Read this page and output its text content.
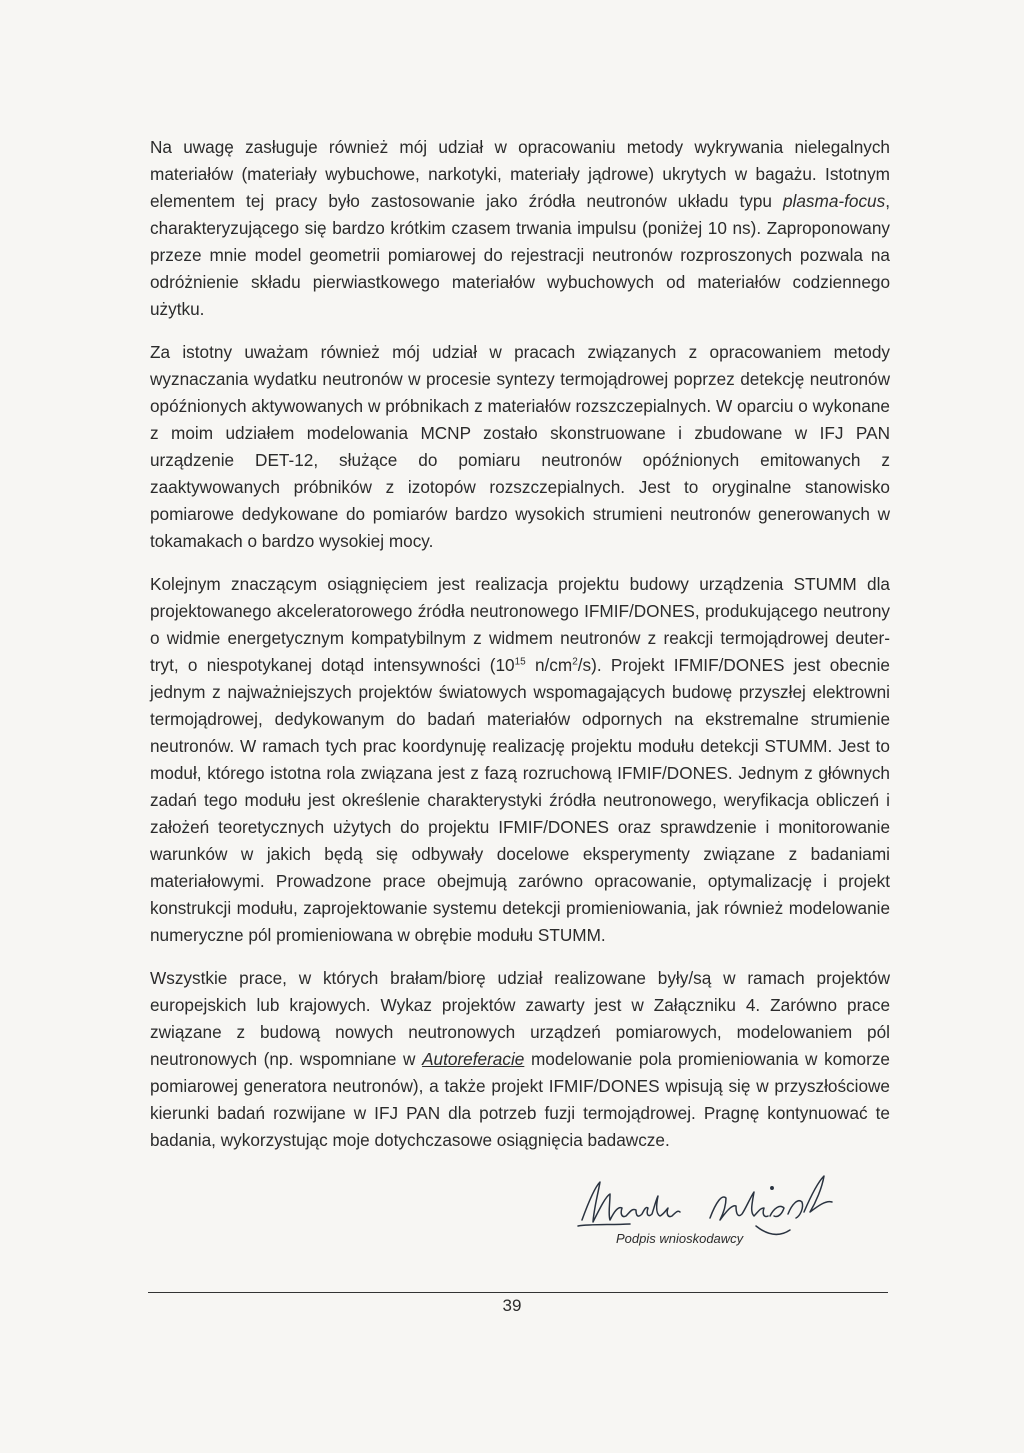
Na uwagę zasługuje również mój udział w opracowaniu metody wykrywania nielegalnych materiałów (materiały wybuchowe, narkotyki, materiały jądrowe) ukrytych w bagażu. Istotnym elementem tej pracy było zastosowanie jako źródła neutronów układu typu plasma-focus, charakteryzującego się bardzo krótkim czasem trwania impulsu (poniżej 10 ns). Zaproponowany przeze mnie model geometrii pomiarowej do rejestracji neutronów rozproszonych pozwala na odróżnienie składu pierwiastkowego materiałów wybuchowych od materiałów codziennego użytku.

Za istotny uważam również mój udział w pracach związanych z opracowaniem metody wyznaczania wydatku neutronów w procesie syntezy termojądrowej poprzez detekcję neutronów opóźnionych aktywowanych w próbnikach z materiałów rozszczepialnych. W oparciu o wykonane z moim udziałem modelowania MCNP zostało skonstruowane i zbudowane w IFJ PAN urządzenie DET-12, służące do pomiaru neutronów opóźnionych emitowanych z zaaktywowanych próbników z izotopów rozszczepialnych. Jest to oryginalne stanowisko pomiarowe dedykowane do pomiarów bardzo wysokich strumieni neutronów generowanych w tokamakach o bardzo wysokiej mocy.

Kolejnym znaczącym osiągnięciem jest realizacja projektu budowy urządzenia STUMM dla projektowanego akceleratorowego źródła neutronowego IFMIF/DONES, produkującego neutrony o widmie energetycznym kompatybilnym z widmem neutronów z reakcji termojądrowej deuter-tryt, o niespotykanej dotąd intensywności ($10^{15}$ $n/cm^2/s$). Projekt IFMIF/DONES jest obecnie jednym z najważniejszych projektów światowych wspomagających budowę przyszłej elektrowni termojądrowej, dedykowanym do badań materiałów odpornych na ekstremalne strumienie neutronów. W ramach tych prac koordynuję realizację projektu modułu detekcji STUMM. Jest to moduł, którego istotna rola związana jest z fazą rozruchową IFMIF/DONES. Jednym z głównych zadań tego modułu jest określenie charakterystyki źródła neutronowego, weryfikacja obliczeń i założeń teoretycznych użytych do projektu IFMIF/DONES oraz sprawdzenie i monitorowanie warunków w jakich będą się odbywały docelowe eksperymenty związane z badaniami materiałowymi. Prowadzone prace obejmują zarówno opracowanie, optymalizację i projekt konstrukcji modułu, zaprojektowanie systemu detekcji promieniowania, jak również modelowanie numeryczne pól promieniowana w obrębie modułu STUMM.

Wszystkie prace, w których brałam/biorę udział realizowane były/są w ramach projektów europejskich lub krajowych. Wykaz projektów zawarty jest w Załączniku 4. Zarówno prace związane z budową nowych neutronowych urządzeń pomiarowych, modelowaniem pól neutronowych (np. wspomniane w Autoreferacie modelowanie pola promieniowania w komorze pomiarowej generatora neutronów), a także projekt IFMIF/DONES wpisują się w przyszłościowe kierunki badań rozwijane w IFJ PAN dla potrzeb fuzji termojądrowej. Pragnę kontynuować te badania, wykorzystując moje dotychczasowe osiągnięcia badawcze.

Podpis wnioskodawcy
39
